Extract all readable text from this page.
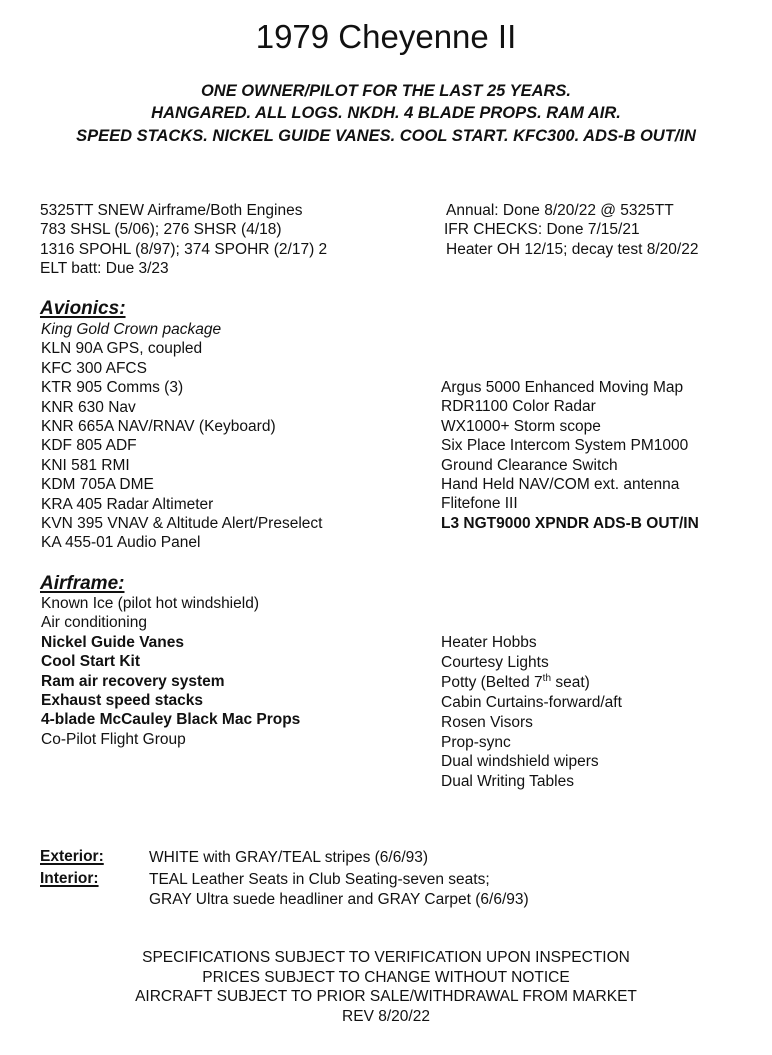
1979 Cheyenne II
ONE OWNER/PILOT FOR THE LAST 25 YEARS.
HANGARED. ALL LOGS. NKDH. 4 BLADE PROPS. RAM AIR.
SPEED STACKS. NICKEL GUIDE VANES. COOL START. KFC300. ADS-B OUT/IN
5325TT SNEW Airframe/Both Engines
783 SHSL (5/06); 276 SHSR (4/18)
1316 SPOHL (8/97); 374 SPOHR (2/17) 2
ELT batt: Due 3/23
Annual: Done 8/20/22 @ 5325TT
IFR CHECKS: Done 7/15/21
Heater OH 12/15; decay test 8/20/22
Avionics:
King Gold Crown package
KLN 90A GPS, coupled
KFC 300 AFCS
KTR 905 Comms (3)
KNR 630 Nav
KNR 665A NAV/RNAV (Keyboard)
KDF 805 ADF
KNI 581 RMI
KDM 705A DME
KRA 405 Radar Altimeter
KVN 395 VNAV & Altitude Alert/Preselect
KA 455-01 Audio Panel
Argus 5000 Enhanced Moving Map
RDR1100 Color Radar
WX1000+ Storm scope
Six Place Intercom System PM1000
Ground Clearance Switch
Hand Held NAV/COM ext. antenna
Flitefone III
L3 NGT9000 XPNDR ADS-B OUT/IN
Airframe:
Known Ice (pilot hot windshield)
Air conditioning
Nickel Guide Vanes
Cool Start Kit
Ram air recovery system
Exhaust speed stacks
4-blade McCauley Black Mac Props
Co-Pilot Flight Group
Heater Hobbs
Courtesy Lights
Potty (Belted 7th seat)
Cabin Curtains-forward/aft
Rosen Visors
Prop-sync
Dual windshield wipers
Dual Writing Tables
Exterior:	WHITE with GRAY/TEAL stripes (6/6/93)
Interior:	TEAL Leather Seats in Club Seating-seven seats;
GRAY Ultra suede headliner and GRAY Carpet (6/6/93)
SPECIFICATIONS SUBJECT TO VERIFICATION UPON INSPECTION
PRICES SUBJECT TO CHANGE WITHOUT NOTICE
AIRCRAFT SUBJECT TO PRIOR SALE/WITHDRAWAL FROM MARKET
REV 8/20/22
